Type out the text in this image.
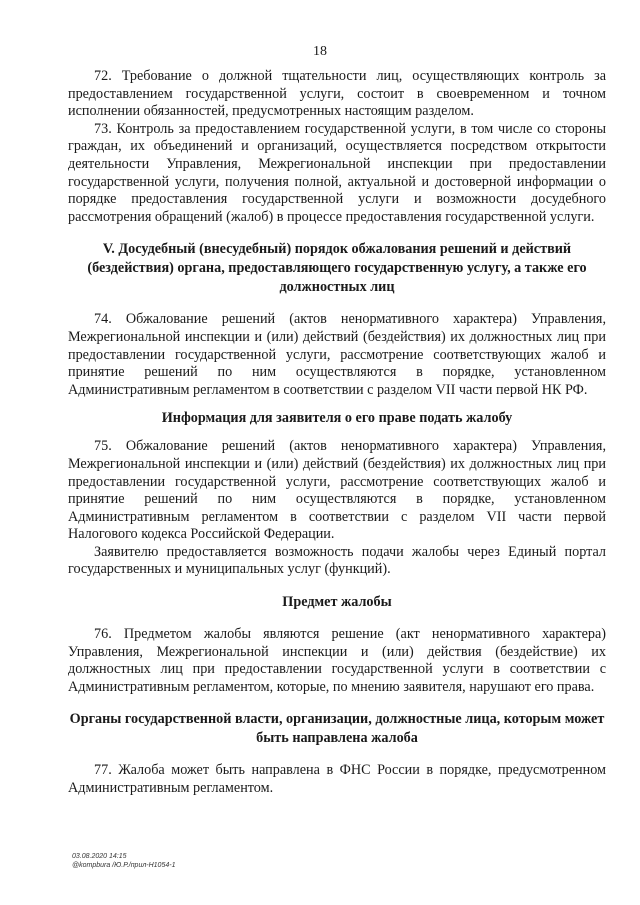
18

72. Требование о должной тщательности лиц, осуществляющих контроль за предоставлением государственной услуги, состоит в своевременном и точном исполнении обязанностей, предусмотренных настоящим разделом.

73. Контроль за предоставлением государственной услуги, в том числе со стороны граждан, их объединений и организаций, осуществляется посредством открытости деятельности Управления, Межрегиональной инспекции при предоставлении государственной услуги, получения полной, актуальной и достоверной информации о порядке предоставления государственной услуги и возможности досудебного рассмотрения обращений (жалоб) в процессе предоставления государственной услуги.

V. Досудебный (внесудебный) порядок обжалования решений и действий (бездействия) органа, предоставляющего государственную услугу, а также его должностных лиц

74. Обжалование решений (актов ненормативного характера) Управления, Межрегиональной инспекции и (или) действий (бездействия) их должностных лиц при предоставлении государственной услуги, рассмотрение соответствующих жалоб и принятие решений по ним осуществляются в порядке, установленном Административным регламентом в соответствии с разделом VII части первой НК РФ.

Информация для заявителя о его праве подать жалобу

75. Обжалование решений (актов ненормативного характера) Управления, Межрегиональной инспекции и (или) действий (бездействия) их должностных лиц при предоставлении государственной услуги, рассмотрение соответствующих жалоб и принятие решений по ним осуществляются в порядке, установленном Административным регламентом в соответствии с разделом VII части первой Налогового кодекса Российской Федерации.

Заявителю предоставляется возможность подачи жалобы через Единый портал государственных и муниципальных услуг (функций).

Предмет жалобы

76. Предметом жалобы являются решение (акт ненормативного характера) Управления, Межрегиональной инспекции и (или) действия (бездействие) их должностных лиц при предоставлении государственной услуги в соответствии с Административным регламентом, которые, по мнению заявителя, нарушают его права.

Органы государственной власти, организации, должностные лица, которым может быть направлена жалоба

77. Жалоба может быть направлена в ФНС России в порядке, предусмотренном Административным регламентом.

03.08.2020 14:15
@kompbura /Ю.Р./прил-Н1054-1
